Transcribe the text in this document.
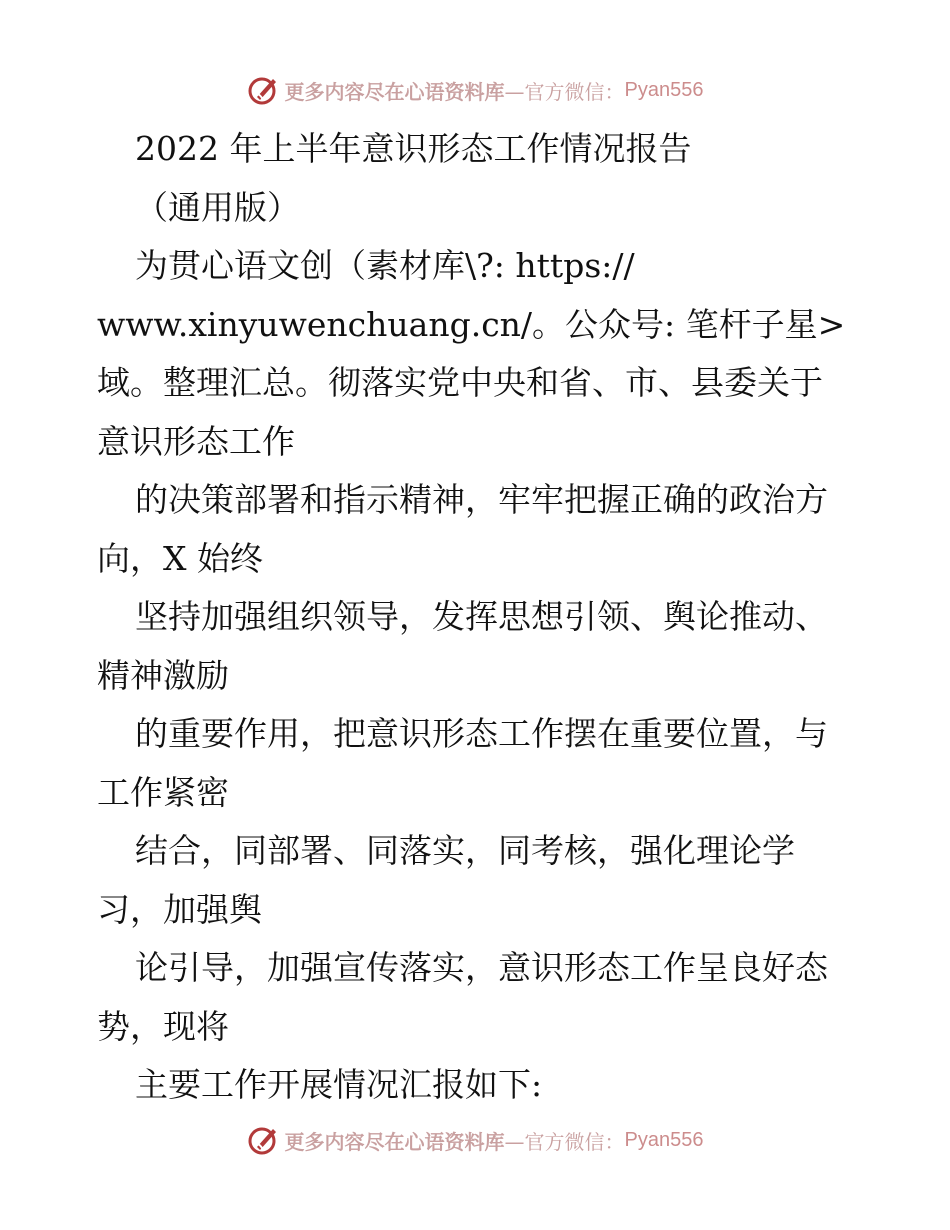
更多内容尽在心语资料库 —官方微信： Pyan556
2022 年上半年意识形态工作情况报告
（通用版）
为贯心语文创（素材库\?: https://
www.xinyuwenchuang.cn/。公众号: 笔杆子星>
域。整理汇总。彻落实党中央和省、市、县委关于
意识形态工作
的决策部署和指示精神，牢牢把握正确的政治方
向，X 始终
坚持加强组织领导，发挥思想引领、舆论推动、
精神激励
的重要作用，把意识形态工作摆在重要位置，与
工作紧密
结合，同部署、同落实，同考核，强化理论学
习，加强舆
论引导，加强宣传落实，意识形态工作呈良好态
势，现将
主要工作开展情况汇报如下:
更多内容尽在心语资料库 —官方微信： Pyan556
